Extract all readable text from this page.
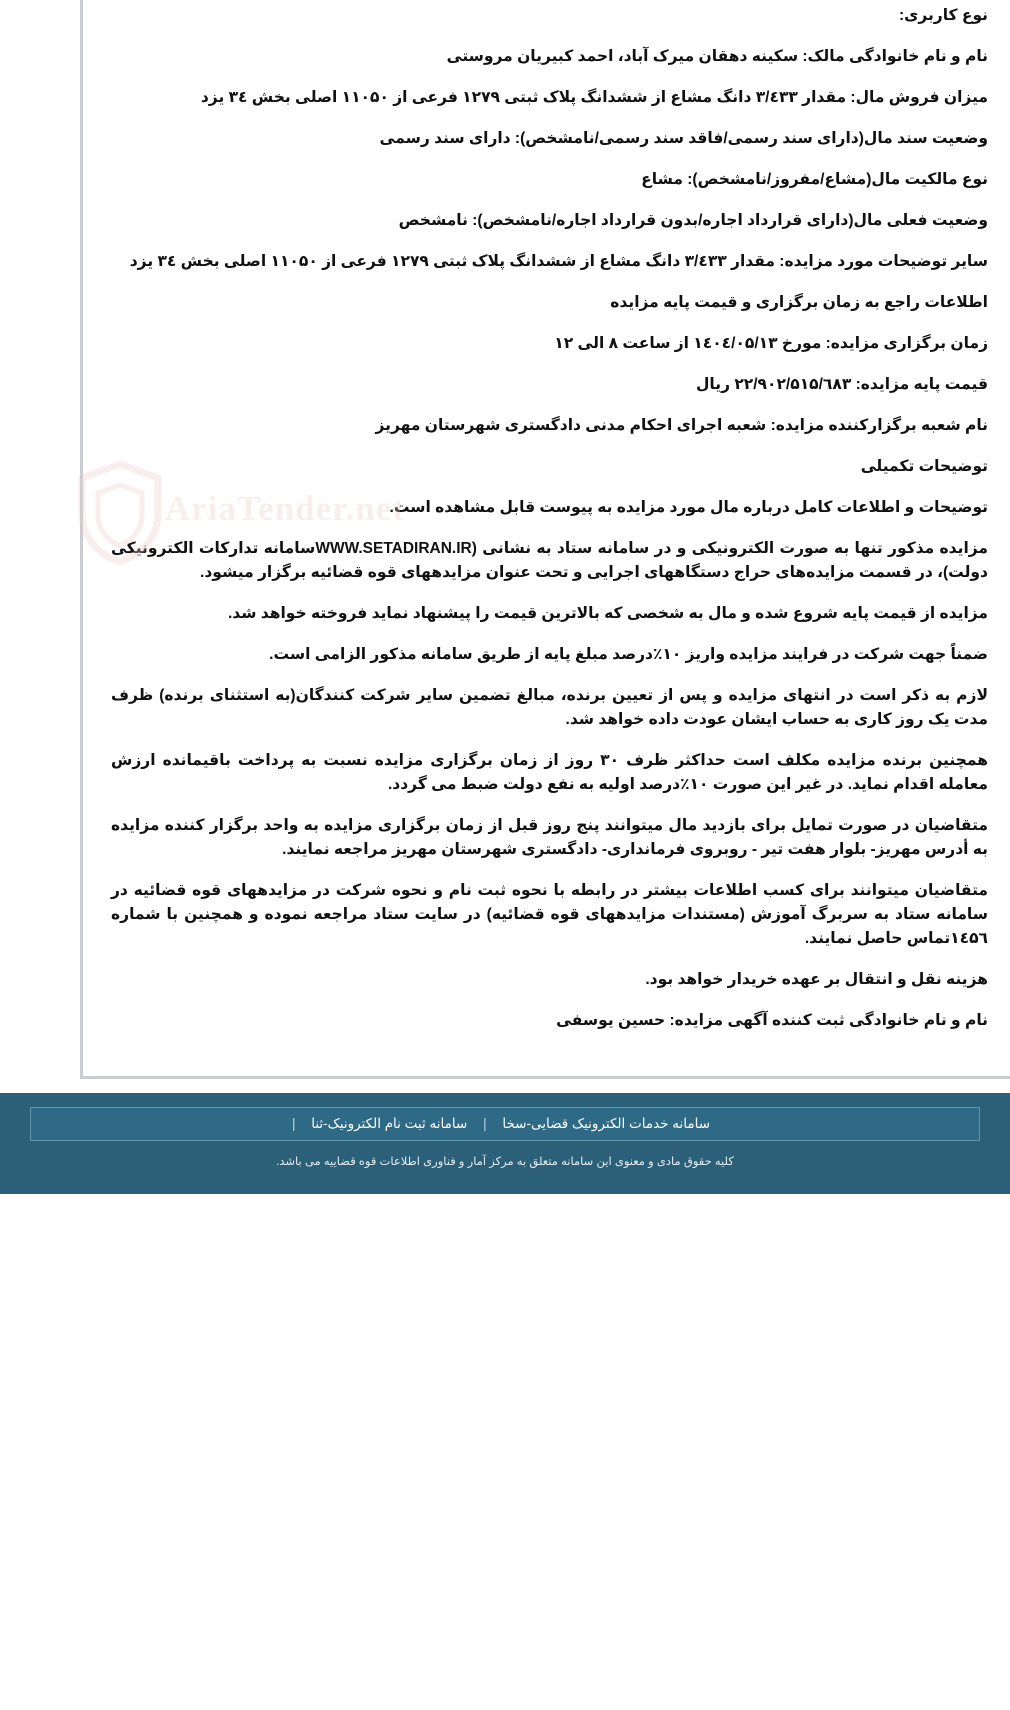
AriaTender.net

نوع کاربری:

نام و نام خانوادگی مالک: سکینه دهقان میرک آباد، احمد کبیریان مروستی

میزان فروش مال: مقدار ۳/٤۳۳ دانگ مشاع از ششدانگ پلاک ثبتی ۱۲۷۹ فرعی از ۱۱۰۵۰ اصلی بخش ۳٤ یزد

وضعیت سند مال(دارای سند رسمی/فاقد سند رسمی/نامشخص): دارای سند رسمی

نوع مالکیت مال(مشاع/مفروز/نامشخص): مشاع

وضعیت فعلی مال(دارای قرارداد اجاره/بدون قرارداد اجاره/نامشخص): نامشخص

سایر توضیحات مورد مزایده: مقدار ۳/٤۳۳ دانگ مشاع از ششدانگ پلاک ثبتی ۱۲۷۹ فرعی از ۱۱۰۵۰ اصلی بخش ۳٤ یزد

اطلاعات راجع به زمان برگزاری و قیمت پایه مزایده

زمان برگزاری مزایده: مورخ ۱٤۰٤/۰۵/۱۳ از ساعت ۸ الی ۱۲

قیمت پایه مزایده: ۲۲/۹۰۲/۵۱۵/٦۸۳ ریال

نام شعبه برگزارکننده مزایده: شعبه اجرای احکام مدنی دادگستری شهرستان مهریز

توضیحات تکمیلی

توضیحات و اطلاعات کامل درباره مال مورد مزایده به پیوست قابل مشاهده است.

مزایده مذکور تنها به صورت الکترونیکی و در سامانه ستاد به نشانی (WWW.SETADIRAN.IRسامانه تدارکات الکترونیکی دولت)، در قسمت مزایده‌های حراج دستگاههای اجرایی و تحت عنوان مزایدههای قوه قضائیه برگزار میشود.

مزایده از قیمت پایه شروع شده و مال به شخصی که بالاترین قیمت را پیشنهاد نماید فروخته خواهد شد.

ضمناً جهت شرکت در فرایند مزایده واریز ۱۰٪درصد مبلغ پایه از طریق سامانه مذکور الزامی است.

لازم به ذکر است در انتهای مزایده و پس از تعیین برنده، مبالغ تضمین سایر شرکت کنندگان(به استثنای برنده) ظرف مدت یک روز کاری به حساب ایشان عودت داده خواهد شد.

همچنین برنده مزایده مکلف است حداکثر ظرف ۳۰ روز از زمان برگزاری مزایده نسبت به پرداخت باقیمانده ارزش معامله اقدام نماید. در غیر این صورت ۱۰٪درصد اولیه به نفع دولت ضبط می گردد.

متقاضیان در صورت تمایل برای بازدید مال میتوانند پنج روز قبل از زمان برگزاری مزایده به واحد برگزار کننده مزایده به أدرس مهریز- بلوار هفت تیر - روبروی فرمانداری- دادگستری شهرستان مهریز مراجعه نمایند.

متقاضیان میتوانند برای کسب اطلاعات بیشتر در رابطه با نحوه ثبت نام و نحوه شرکت در مزایدههای قوه قضائیه در سامانه ستاد به سربرگ آموزش (مستندات مزایدههای قوه قضائیه) در سایت ستاد مراجعه نموده و همچنین با شماره ۱٤۵٦تماس حاصل نمایند.

هزینه نقل و انتقال بر عهده خریدار خواهد بود.

نام و نام خانوادگی ثبت کننده آگهی مزایده: حسین یوسفی

سامانه خدمات الکترونیک قضایی-سخا | سامانه ثبت نام الکترونیک-ثنا |
کلیه حقوق مادی و معنوی این سامانه متعلق به مرکز آمار و فناوری اطلاعات قوه قضاییه می باشد.
